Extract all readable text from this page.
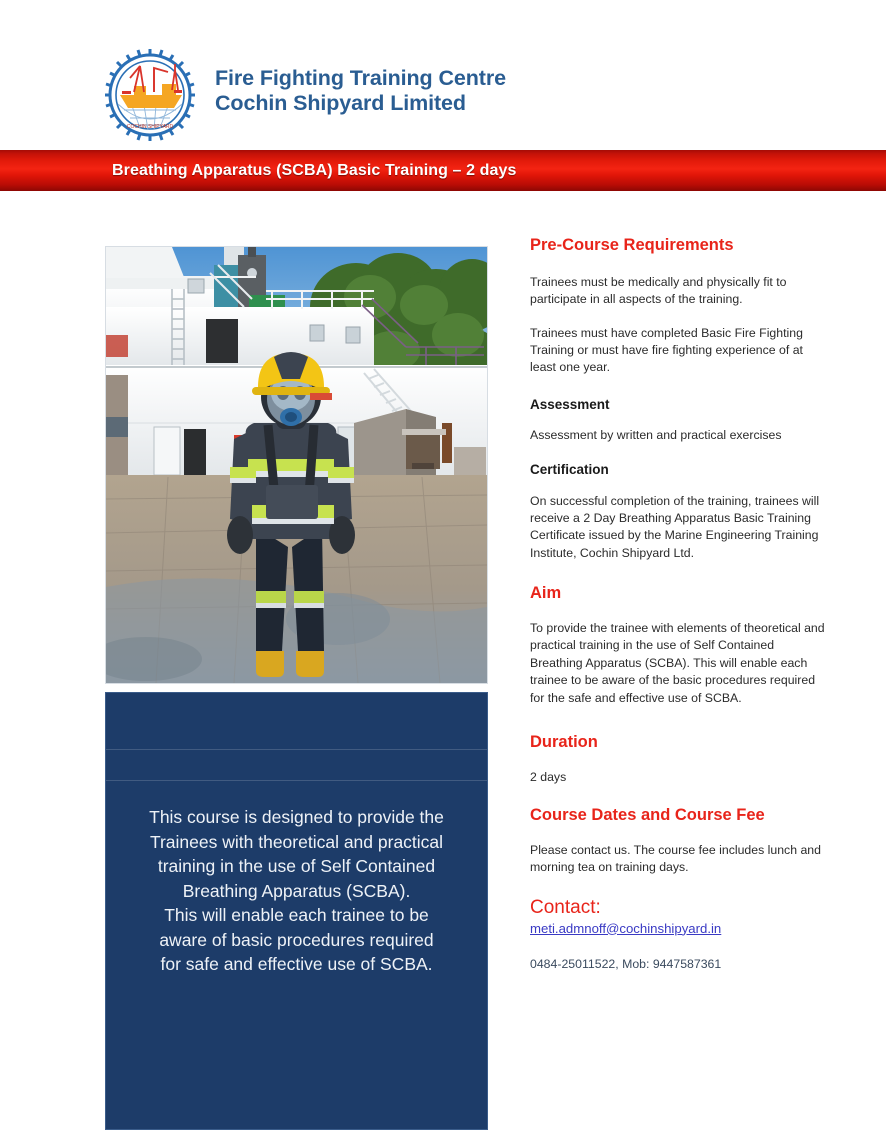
COCHIN SHIPYARD
Fire Fighting Training Centre
Cochin Shipyard Limited
Breathing Apparatus (SCBA) Basic Training – 2 days
This course is designed to provide the
Trainees with theoretical and practical
training in the use of Self Contained
Breathing Apparatus (SCBA).
This will enable each trainee to be
aware of basic procedures required
for safe and effective use of SCBA.
Pre-Course Requirements

Trainees must be medically and physically fit to participate in all aspects of the training.

Trainees must have completed Basic Fire Fighting Training or must have fire fighting experience of at least one year.

Assessment

Assessment by written and practical exercises

Certification

On successful completion of the training, trainees will receive a 2 Day Breathing Apparatus Basic Training Certificate issued by the Marine Engineering Training Institute, Cochin Shipyard Ltd.

Aim

To provide the trainee with elements of theoretical and practical training in the use of Self Contained Breathing Apparatus (SCBA). This will enable each trainee to be aware of the basic procedures required for the safe and effective use of SCBA.

Duration

2 days

Course Dates and Course Fee

Please contact us. The course fee includes lunch and morning tea on training days.

Contact:
meti.admnoff@cochinshipyard.in

0484-25011522, Mob: 9447587361
